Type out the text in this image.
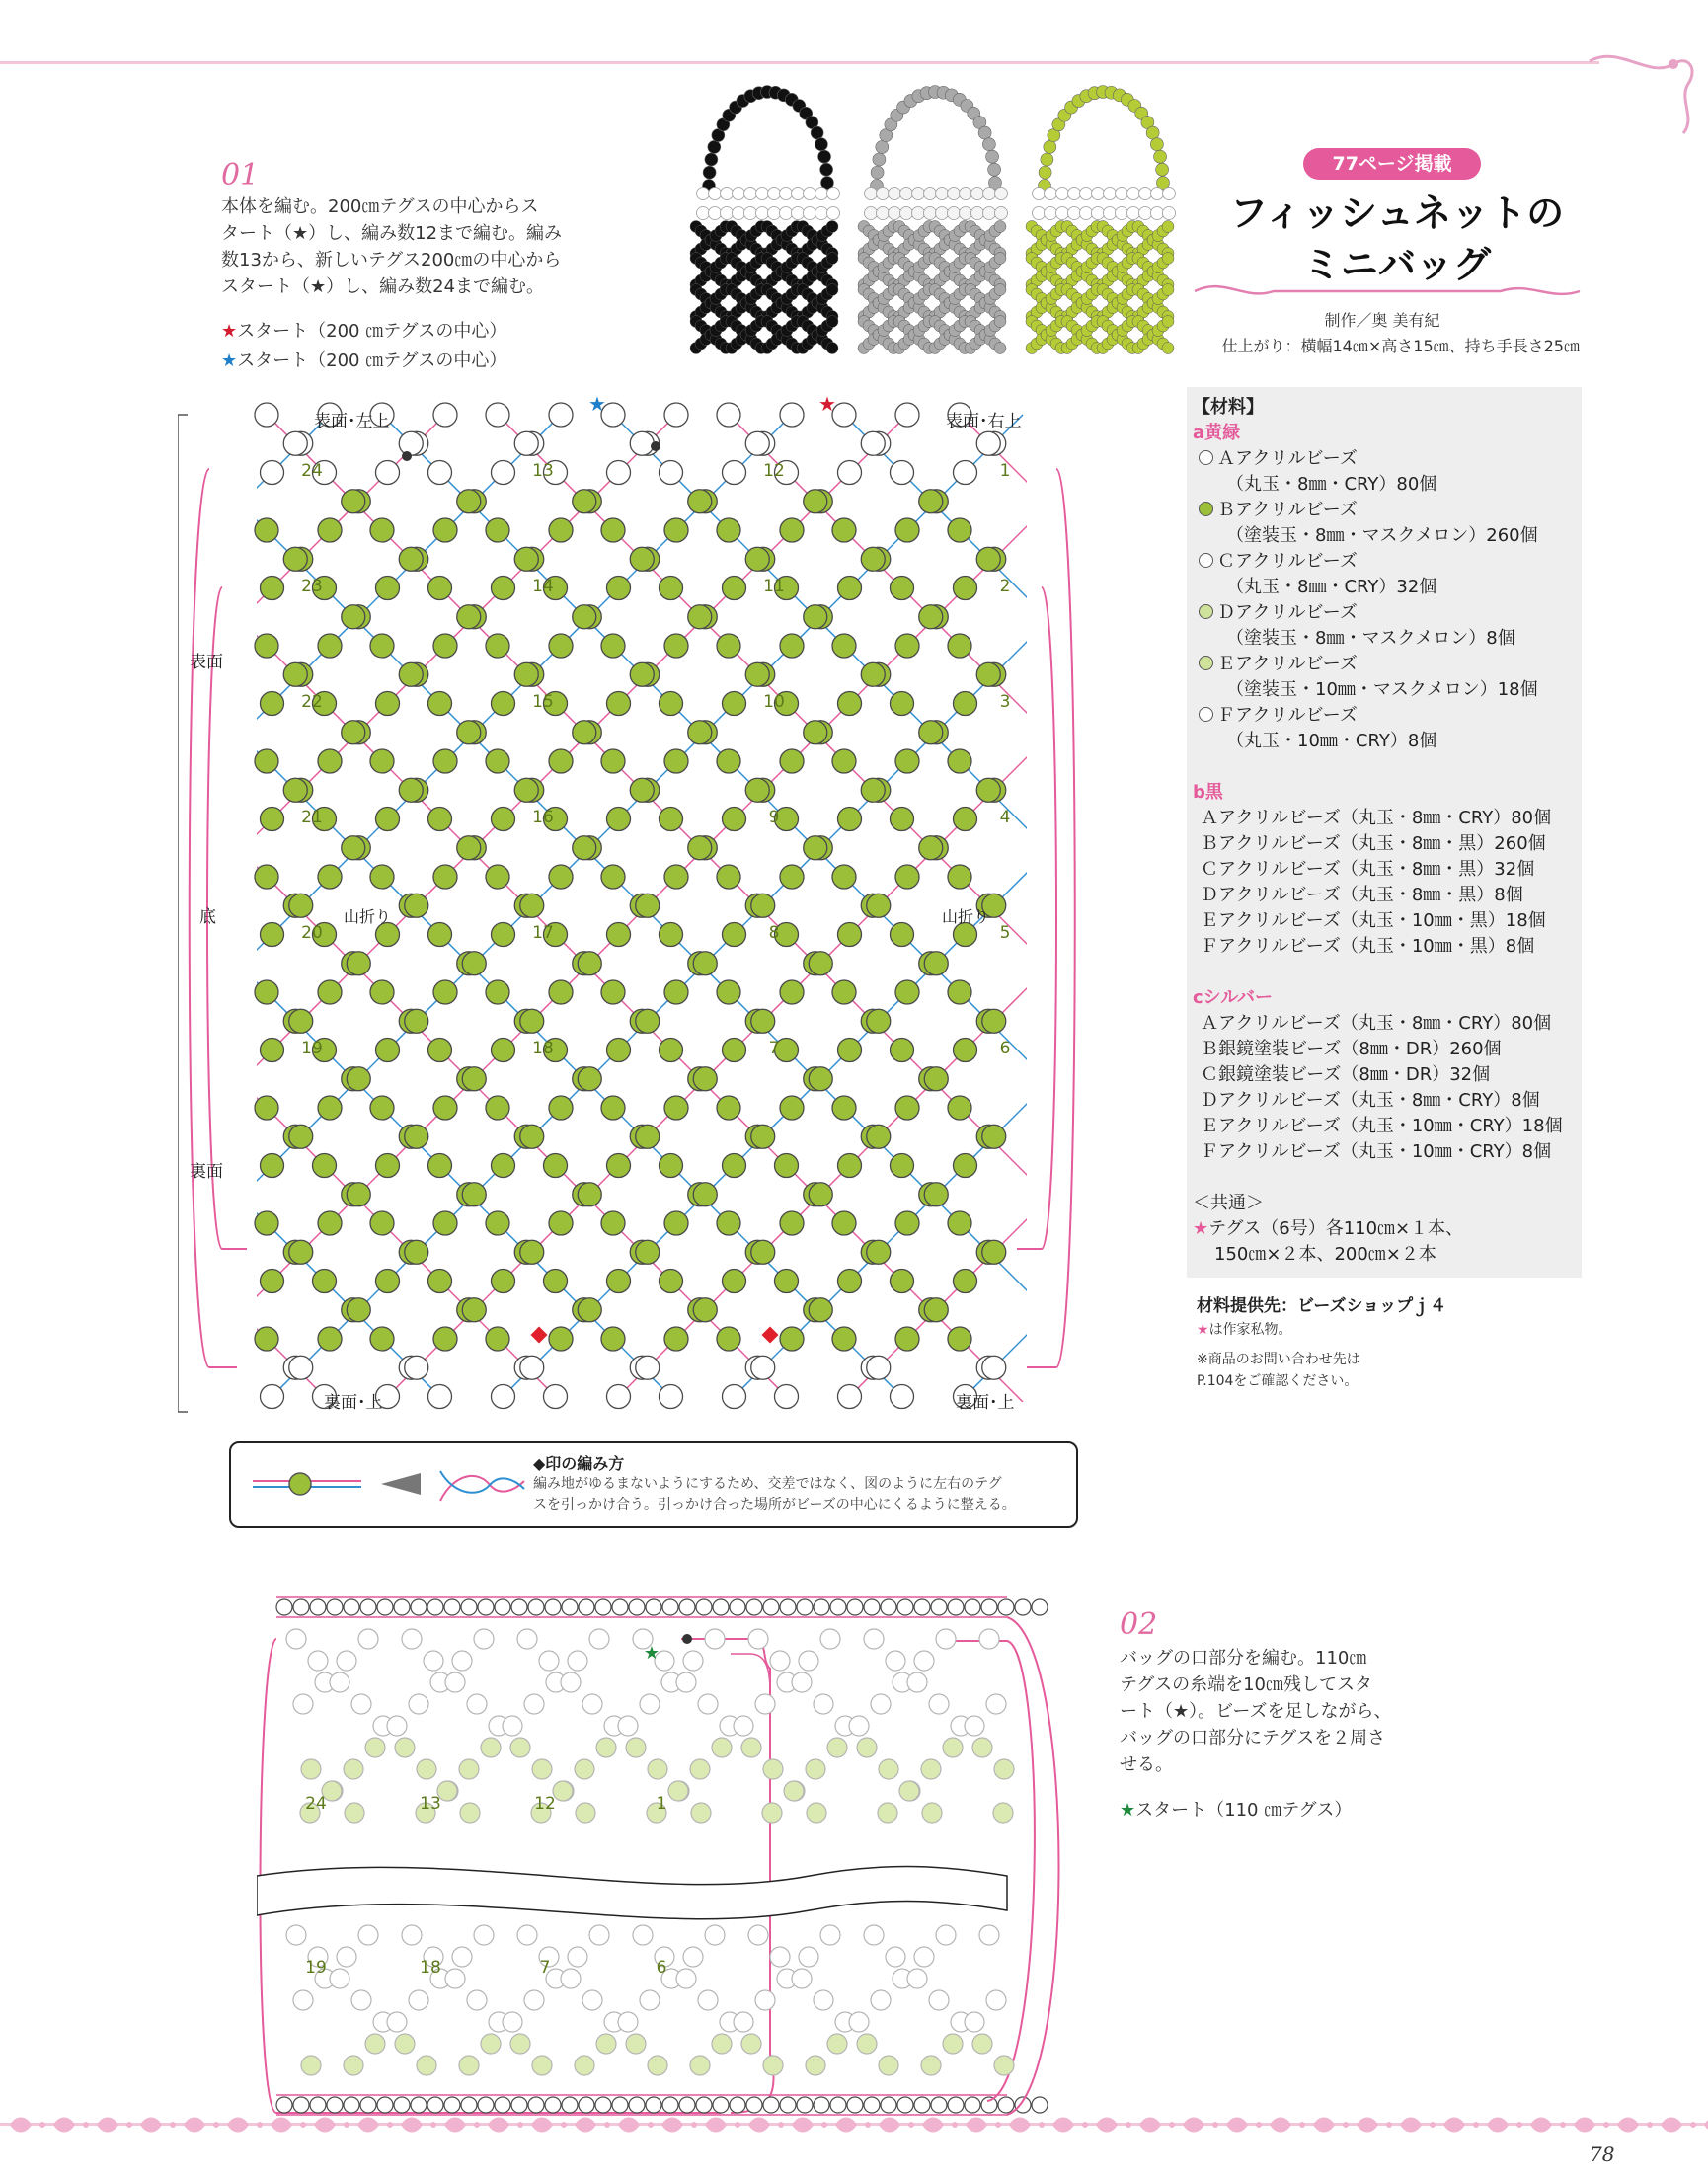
01
本体を編む。200㎝テグスの中心からス
タート（★）し、編み数12まで編む。編み
数13から、新しいテグス200㎝の中心から
スタート（★）し、編み数24まで編む。
★スタート（200 ㎝テグスの中心）
★スタート（200 ㎝テグスの中心）
77ページ掲載
フィッシュネットの
ミニバッグ
制作／奥 美有紀
仕上がり：横幅14㎝×高さ15㎝、持ち手長さ25㎝
【材料】
a黄緑
Ａアクリルビーズ
（丸玉・8㎜・CRY）80個
Ｂアクリルビーズ
（塗装玉・8㎜・マスクメロン）260個
Ｃアクリルビーズ
（丸玉・8㎜・CRY）32個
Ｄアクリルビーズ
（塗装玉・8㎜・マスクメロン）8個
Ｅアクリルビーズ
（塗装玉・10㎜・マスクメロン）18個
Ｆアクリルビーズ
（丸玉・10㎜・CRY）8個
b黒
Ａアクリルビーズ（丸玉・8㎜・CRY）80個
Ｂアクリルビーズ（丸玉・8㎜・黒）260個
Ｃアクリルビーズ（丸玉・8㎜・黒）32個
Ｄアクリルビーズ（丸玉・8㎜・黒）8個
Ｅアクリルビーズ（丸玉・10㎜・黒）18個
Ｆアクリルビーズ（丸玉・10㎜・黒）8個
cシルバー
Ａアクリルビーズ（丸玉・8㎜・CRY）80個
Ｂ銀鏡塗装ビーズ（8㎜・DR）260個
Ｃ銀鏡塗装ビーズ（8㎜・DR）32個
Ｄアクリルビーズ（丸玉・8㎜・CRY）8個
Ｅアクリルビーズ（丸玉・10㎜・CRY）18個
Ｆアクリルビーズ（丸玉・10㎜・CRY）8個
＜共通＞
★テグス（6号）各110㎝×１本、
150㎝×２本、200㎝×２本
材料提供先：ビーズショップｊ４
★は作家私物。
※商品のお問い合わせ先は
P.104をご確認ください。
24	13	12	1
23	14	11	2
22	15	10	3
21	16	9	4
20	17	8	5
19	18	7	6
★	★
表面･左上	表面･右上
裏面･上	裏面･上
表面
底
裏面
山折り	山折り
◆印の編み方
編み地がゆるまないようにするため、交差ではなく、図のように左右のテグ
スを引っかけ合う。引っかけ合った場所がビーズの中心にくるように整える。
24	13	12	1
19	18	7	6
★
02
バッグの口部分を編む。110㎝
テグスの糸端を10㎝残してスタ
ート（★）。ビーズを足しながら、
バッグの口部分にテグスを２周さ
せる。
★スタート（110 ㎝テグス）
78
